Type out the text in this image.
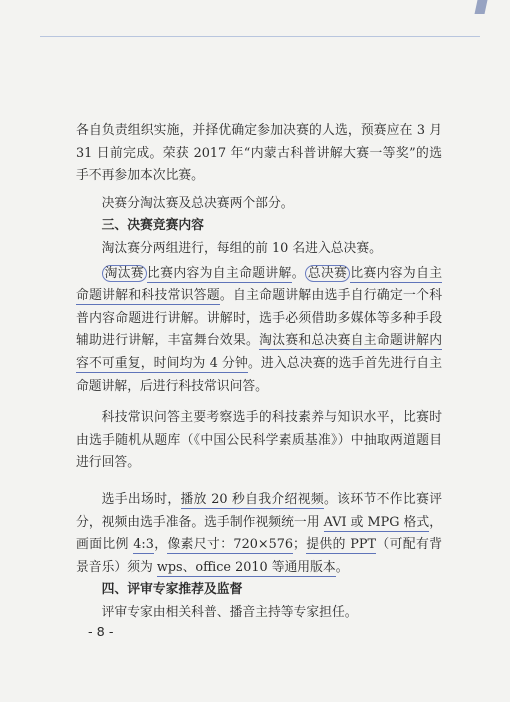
各自负责组织实施，并择优确定参加决赛的人选，预赛应在 3 月 31 日前完成。荣获 2017 年“内蒙古科普讲解大赛一等奖”的选手不再参加本次比赛。

决赛分淘汰赛及总决赛两个部分。

三、决赛竞赛内容

淘汰赛分两组进行，每组的前 10 名进入总决赛。

淘汰赛 比赛内容为自主命题讲解。 总决赛 比赛内容为自主命题讲解和科技常识答题。自主命题讲解由选手自行确定一个科普内容命题进行讲解。讲解时，选手必须借助多媒体等多种手段辅助进行讲解，丰富舞台效果。淘汰赛和总决赛自主命题讲解内容不可重复，时间均为 4 分钟。进入总决赛的选手首先进行自主命题讲解，后进行科技常识问答。

科技常识问答主要考察选手的科技素养与知识水平，比赛时由选手随机从题库（《中国公民科学素质基准》）中抽取两道题目进行回答。

选手出场时，播放 20 秒自我介绍视频。该环节不作比赛评分，视频由选手准备。选手制作视频统一用 AVI 或 MPG 格式，画面比例 4:3，像素尺寸：720×576；提供的 PPT（可配有背景音乐）须为 wps、office 2010 等通用版本。

四、评审专家推荐及监督

评审专家由相关科普、播音主持等专家担任。

- 8 -
